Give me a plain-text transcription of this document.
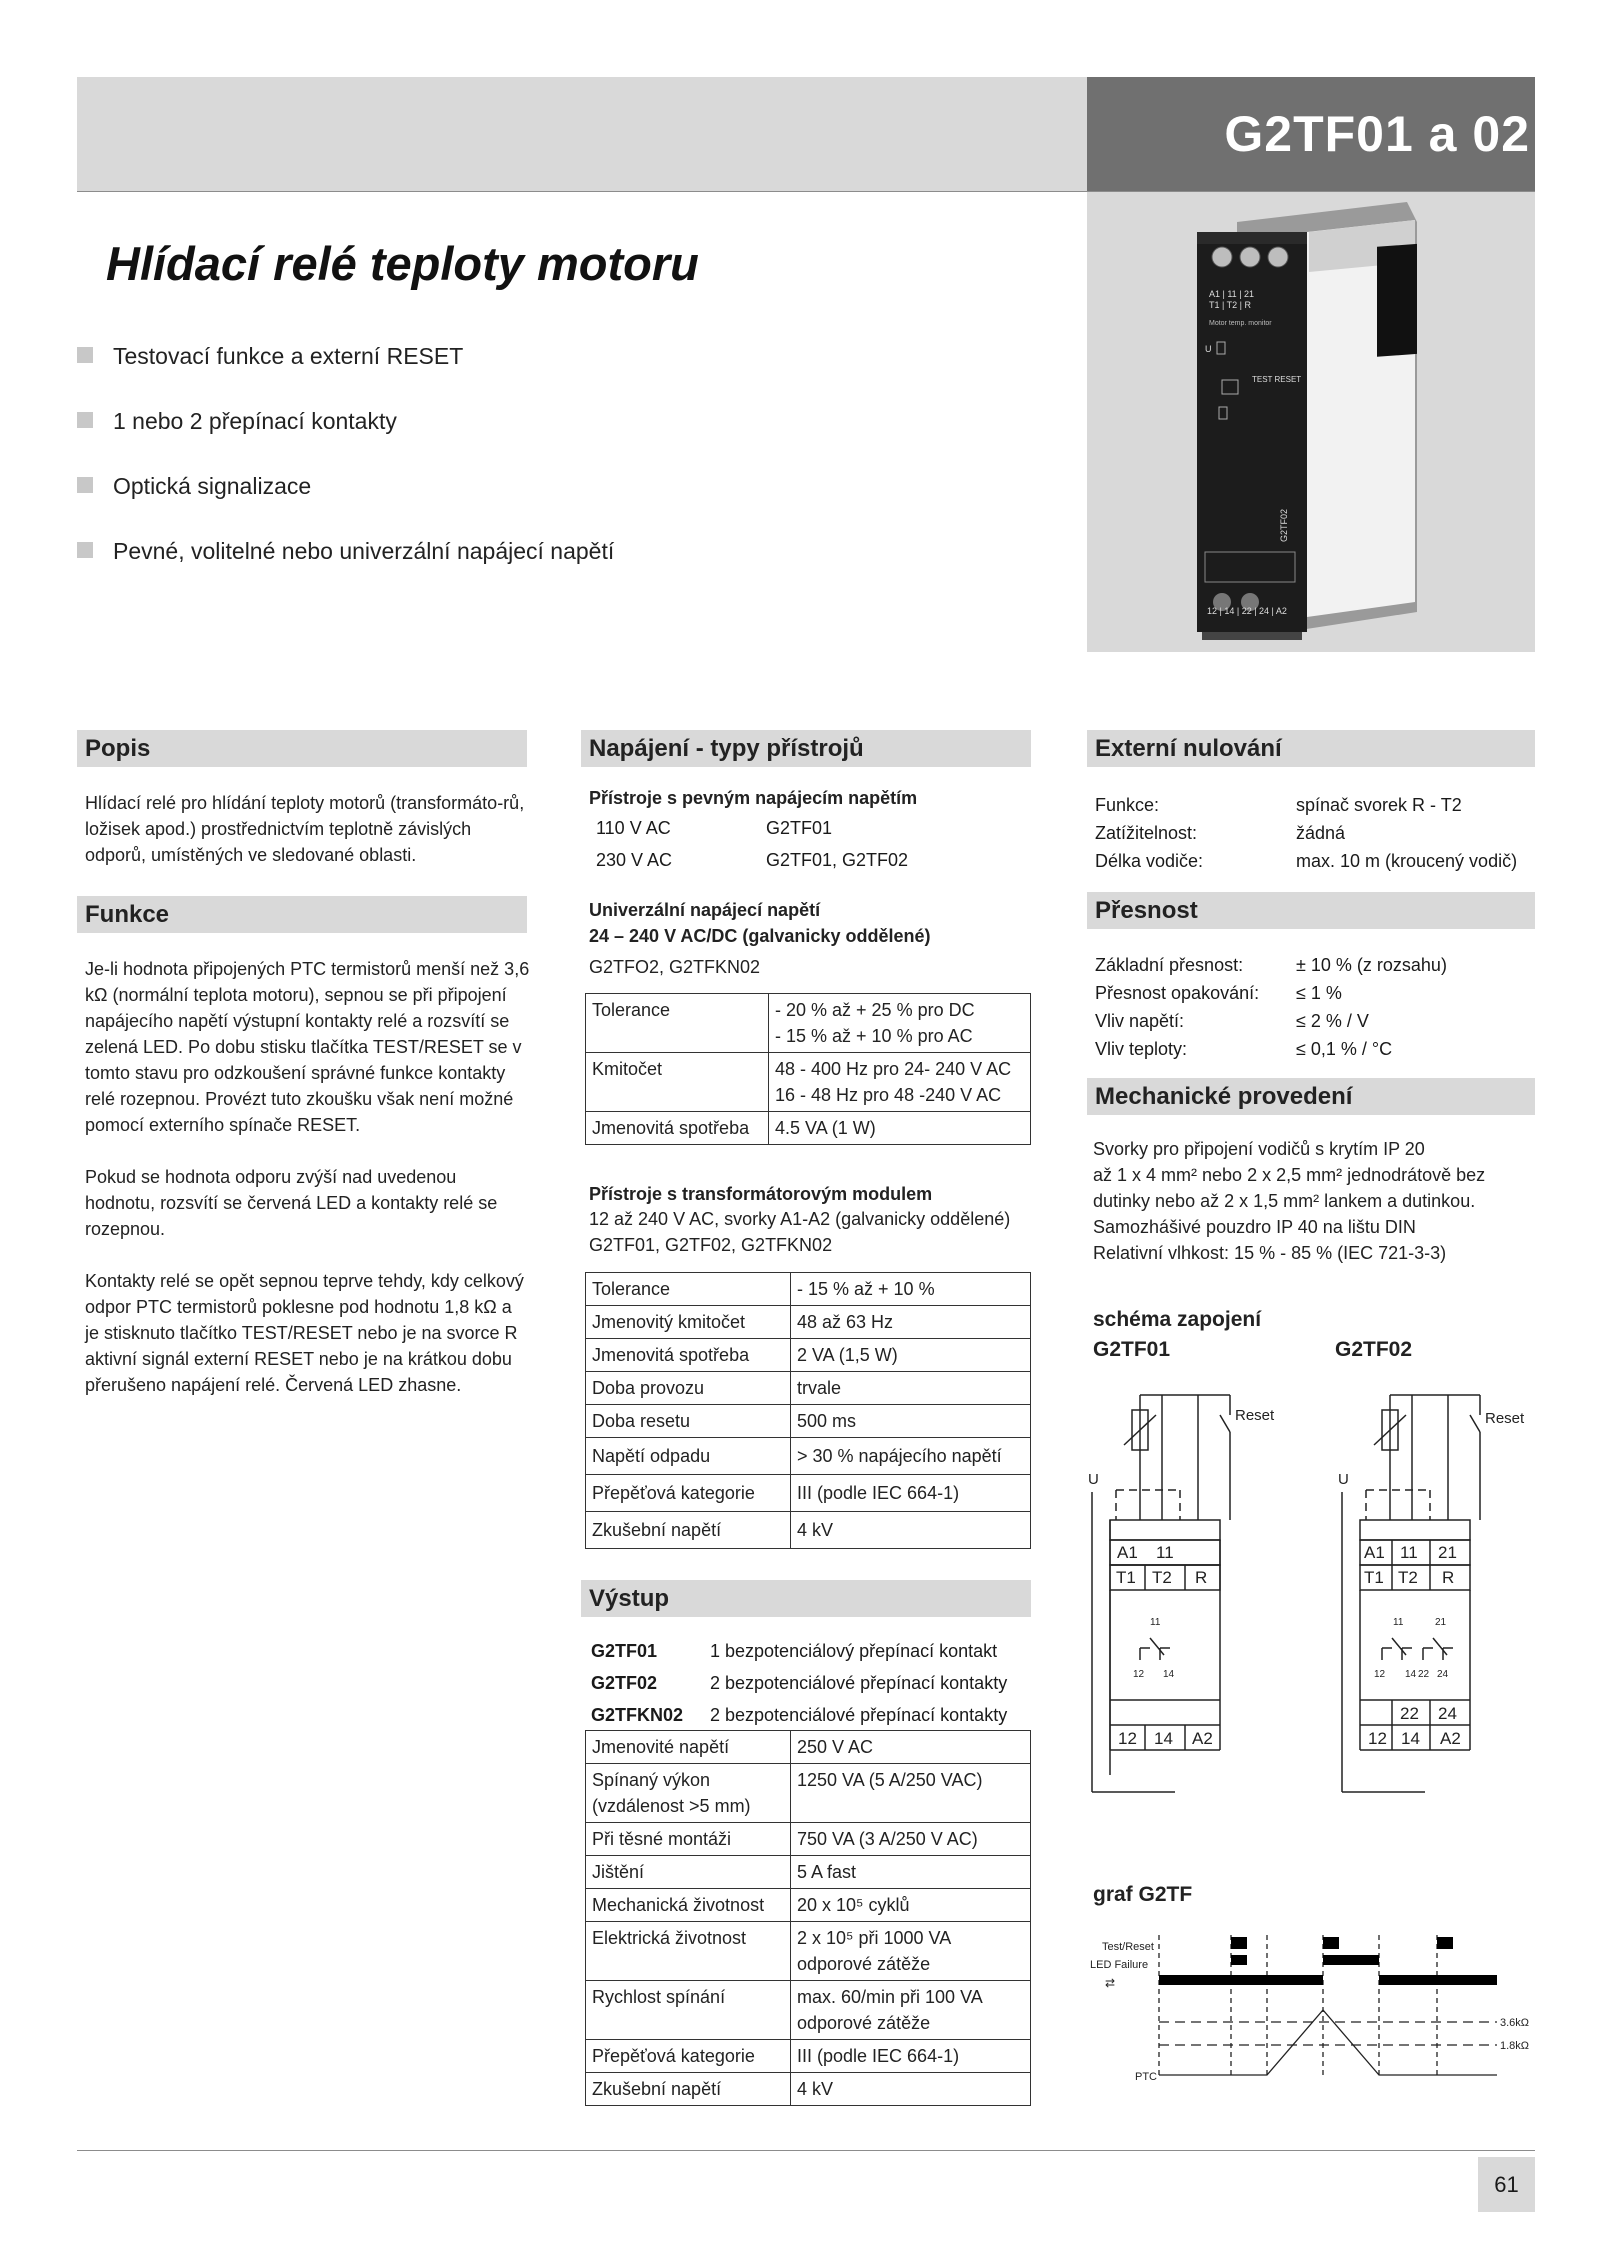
G2TF01 a 02
A1 | 11 | 21
T1 | T2 | R
Motor temp. monitor
U
TEST RESET
G2TF02
12 | 14 | 22 | 24 | A2
Hlídací relé teploty motoru
Testovací funkce a externí RESET
1 nebo 2 přepínací kontakty
Optická signalizace
Pevné, volitelné nebo univerzální napájecí napětí
Popis
Hlídací relé pro hlídání teploty motorů (transformáto-rů, ložisek apod.) prostřednictvím teplotně závislých odporů, umístěných ve sledované oblasti.
Funkce

Je-li hodnota připojených PTC termistorů menší než 3,6 kΩ (normální teplota motoru), sepnou se při připojení napájecího napětí výstupní kontakty relé a rozsvítí se zelená LED. Po dobu stisku tlačítka TEST/RESET se v tomto stavu pro odzkoušení správné funkce kontakty relé rozepnou. Provézt tuto zkoušku však není možné pomocí externího spínače RESET.

Pokud se hodnota odporu zvýší nad uvedenou hodnotu, rozsvítí se červená LED a kontakty relé se rozepnou.

Kontakty relé se opět sepnou teprve tehdy, kdy celkový odpor PTC termistorů poklesne pod hodnotu 1,8 kΩ a je stisknuto tlačítko TEST/RESET nebo je na svorce R aktivní signál externí RESET nebo je na krátkou dobu přerušeno napájení relé. Červená LED zhasne.

Napájení - typy přístrojů
Přístroje s pevným napájecím napětím
110 V AC	G2TF01
230 V AC	G2TF01, G2TF02
Univerzální napájecí napětí
24 – 240 V AC/DC (galvanicky oddělené)
G2TFO2, G2TFKN02
Tolerance	- 20 % až + 25 % pro DC
- 15 % až + 10 % pro AC
Kmitočet	48 - 400 Hz pro 24- 240 V AC
16 - 48 Hz pro 48 -240 V AC
Jmenovitá spotřeba	4.5 VA (1 W)
Přístroje s transformátorovým modulem
12 až 240 V AC, svorky A1-A2 (galvanicky oddělené)
G2TF01, G2TF02, G2TFKN02
Tolerance	- 15 % až + 10 %
Jmenovitý kmitočet	48 až 63 Hz
Jmenovitá spotřeba	2 VA (1,5 W)
Doba provozu	trvale
Doba resetu	500 ms
Napětí odpadu	> 30 % napájecího napětí
Přepěťová kategorie	III (podle IEC 664-1)
Zkušební napětí	4 kV
Výstup
G2TF01	1 bezpotenciálový přepínací kontakt
G2TF02	2 bezpotenciálové přepínací kontakty
G2TFKN02	2 bezpotenciálové přepínací kontakty
Jmenovité napětí	250 V AC
Spínaný výkon
(vzdálenost >5 mm)	1250 VA (5 A/250 VAC)
Při těsné montáži	750 VA (3 A/250 V AC)
Jištění	5 A fast
Mechanická životnost	20 x 10⁵ cyklů
Elektrická životnost	2 x 10⁵ při 1000 VA
odporové zátěže
Rychlost spínání	max. 60/min při 100 VA
odporové zátěže
Přepěťová kategorie	III (podle IEC 664-1)
Zkušební napětí	4 kV
Externí nulování
Funkce:	spínač svorek R - T2
Zatížitelnost:	žádná
Délka vodiče:	max. 10 m (kroucený vodič)
Přesnost
Základní přesnost:	± 10 % (z rozsahu)
Přesnost opakování:	≤ 1 %
Vliv napětí:	≤ 2 % / V
Vliv teploty:	≤ 0,1 % / °C
Mechanické provedení
Svorky pro připojení vodičů s krytím IP 20
až 1 x 4 mm² nebo 2 x 2,5 mm² jednodrátově bez
dutinky nebo až 2 x 1,5 mm² lankem a dutinkou.
Samozhášivé pouzdro IP 40 na lištu DIN
Relativní vlhkost: 15 % - 85 % (IEC 721-3-3)
schéma zapojení
G2TF01	G2TF02
U
Reset
A1 11
T1 T2 R
11
12 14
12 14 A2
U
Reset
A1 11 21
T1 T2 R
11	21
12 14 22 24
22 24
12 14 A2
graf G2TF
Test/Reset
LED Failure
⇄
PTC
3.6kΩ
1.8kΩ
61
